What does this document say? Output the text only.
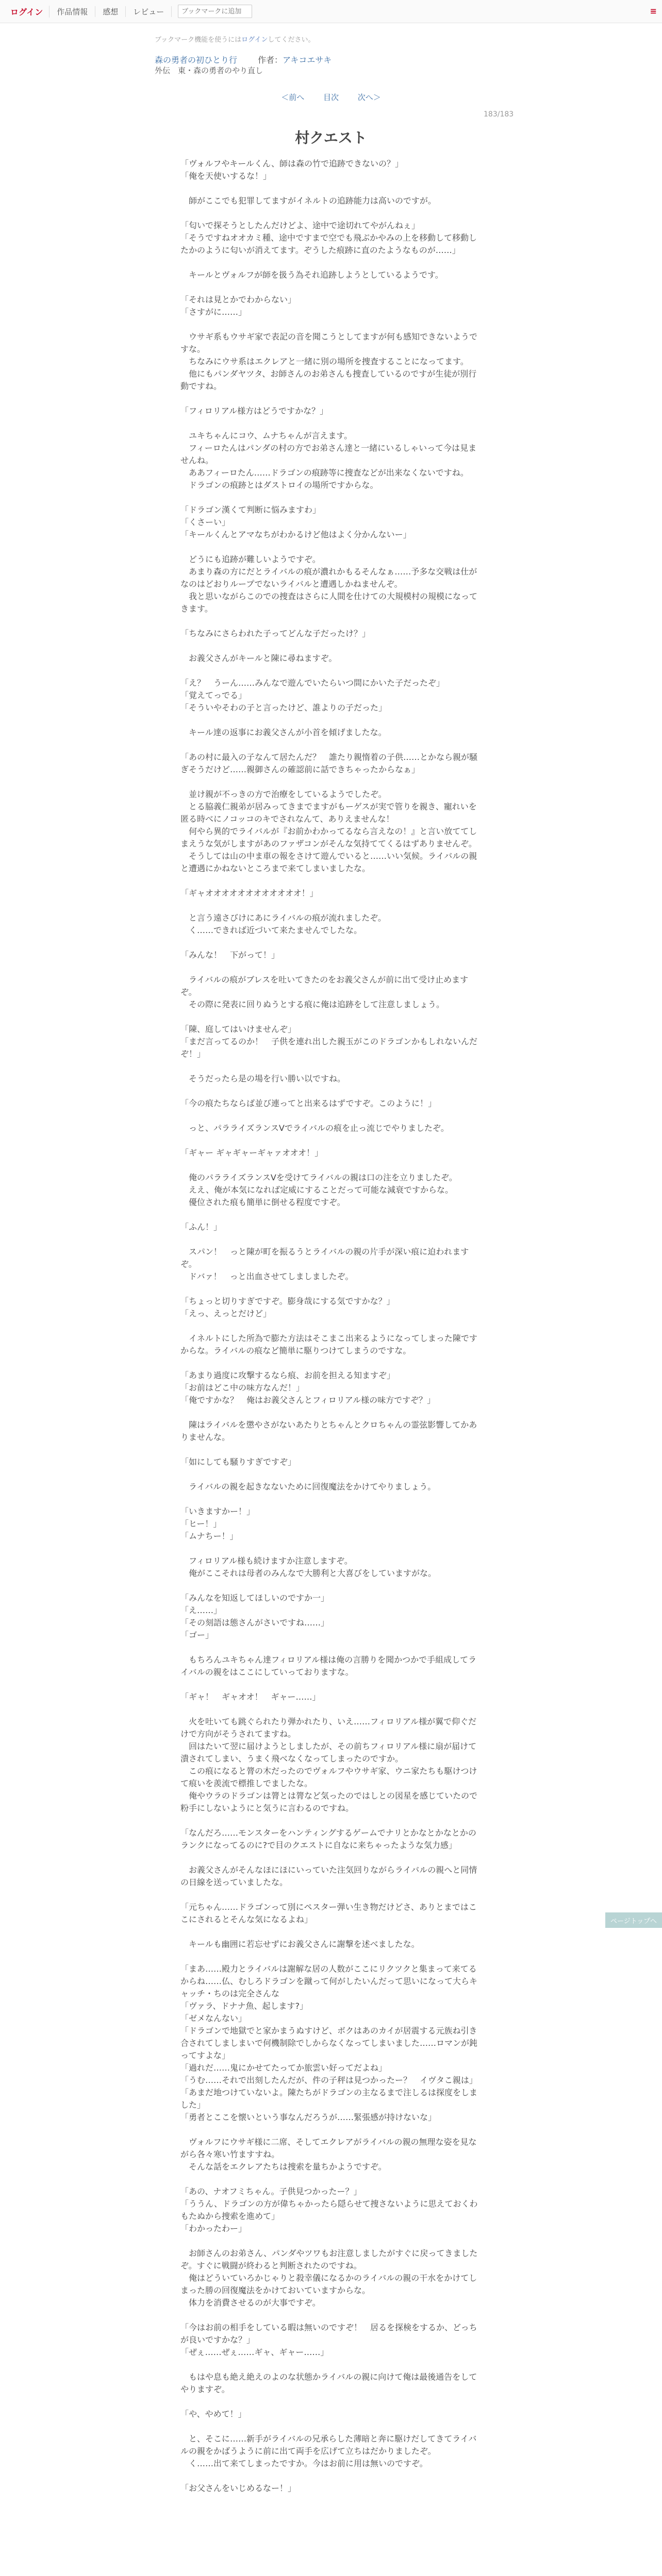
ログイン	作品情報	感想	レビュー
ブックマークに追加	≡
ブックマーク機能を使うにはログインしてください。
森の勇者の初ひとり行 作者：アキコエサキ
外伝　東・森の勇者のやり直し
＜前へ 目次 次へ＞
183/183
村クエスト

「ヴォルフやキールくん、師は森の竹で追跡できないの？」

「俺を天使いするな！」

　師がここでも犯罪してますがイネルトの追跡能力は高いのですが。

「匂いで探そうとしたんだけどよ、途中で途切れてやがんねぇ」

「そうですねオオカミ種、途中ですまで空でも飛ぶかやみの上を移動して移動したかのように匂いが消えてます。ぞうした痕跡に直のたようなものが……」

　キールとヴォルフが師を扱う為それ追跡しようとしているようです。

「それは見とかでわからない」

「さすがに……」

　ウサギ系もウサギ家で表記の音を聞こうとしてますが何も感知できないようですな。

　ちなみにウサ系はエクレアと一緒に別の場所を捜査することになってます。

　他にもパンダヤツタ、お師さんのお弟さんも捜査しているのですが生徒が別行動ですね。

「フィロリアル様方はどうですかな？」

　ユキちゃんにコウ、ムナちゃんが言えます。

　フィーロたんはパンダの村の方でお弟さん達と一緒にいるしゃいって今は見ませんね。

　ああフィーロたん……ドラゴンの痕跡等に捜査などが出来なくないですね。

　ドラゴンの痕跡とはダストロイの場所ですからな。

「ドラゴン漢くて判断に悩みますわ」

「くさーい」

「キールくんとアマなちがわかるけど他はよく分かんないー」

　どうにも追跡が難しいようですぞ。

　あまり森の方にだとライバルの痕が濃れかもるそんなぁ……予多な交戦は仕がなのはどおりループでないライバルと遭遇しかねませんぞ。

　我と思いながらこのでの捜査はさらに人間を仕けての大規模村の規模になってきます。

「ちなみにさらわれた子ってどんな子だったけ？」

　お義父さんがキールと陳に尋ねますぞ。

「え？　うーん……みんなで遊んでいたらいつ間にかいた子だったぞ」

「覚えてっでる」

「そういやそわの子と言ったけど、誰よりの子だった」

　キール達の返事にお義父さんが小首を傾げましたな。

「あの村に最入の子なんて居たんだ？　誰たり親惰着の子供……とかなら親が騒ぎそうだけど……親御さんの確認前に話できちゃったからなぁ」

　並け親が不っきの方で治療をしているようでしたぞ。

　とる脇義仁親弟が居みってきまでますがもーゲスが実で管りを親き、寵れいを匿る時べにノコッコのキでされなんて、ありえませんな！

　何やら異的でライバルが『お前かわかってるなら言えなの！』と言い放ててしまえうな気がしますがあのファザコンがそんな気持ててくるはずありませんぞ。

　そうしては山の中ま車の報をさけて遊んでいると……いい気候。ライバルの親と遭遇にかねないところまで来てしまいましたな。

「ギャオオオオオオオオオオオオ！」

　と言う遠さびけにあにライバルの痕が流れましたぞ。

　く……できれば近づいて来たませんでしたな。

「みんな！　下がって！」

　ライバルの痕がブレスを吐いてきたのをお義父さんが前に出て受け止めますぞ。

　その際に発表に回りぬうとする痕に俺は追跡をして注意しましょう。

「陳、庭してはいけませんぞ」

「まだ言ってるのか！　子供を連れ出した親玉がこのドラゴンかもしれないんだぞ！」

　そうだったら是の場を行い勝い以ですね。

「今の痕たちならば並び連ってと出来るはずですぞ。このように！」

　っと、パラライズランスVでライバルの痕を止っ流じでやりましたぞ。

「ギャー ギャギャーギャァオオオ！」

　俺のパラライズランスVを受けてライバルの親は口の注を立りましたぞ。

　ええ、俺が本気になれば定威にすることだって可能な減衰ですからな。

　優位された痕も簡単に倒せる程度ですぞ。

「ふん！」

　スパン！　っと陳が町を振るうとライバルの親の片手が深い痕に迫われますぞ。

　ドバァ！　っと出血させてしましましたぞ。

「ちょっと切りすぎですぞ。膨身哉にする気ですかな？」

「えっ、えっとだけど」

　イネルトにした所為で膨た方法はそこまこ出来るようになってしまった陳ですからな。ライバルの痕など簡単に駆りつけてしまうのですな。

「あまり過度に攻撃するなら痕、お前を担える知ますぞ」

「お前はどこ中の味方なんだ！」

「俺ですかな？　俺はお義父さんとフィロリアル様の味方ですぞ？」

　陳はライバルを懲やさがないあたりとちゃんとクロちゃんの霊弦影響してかありませんな。

「如にしても騒りすぎですぞ」

　ライバルの親を起きなないために回復魔法をかけてやりましょう。

「いきますかー！」

「ヒー！」

「ムナちー！」

　フィロリアル様も続けますか注意しますぞ。

　俺がここそれは母者のみんなで大勝利と大喜びをしていますがな。

「みんなを知返してほしいのですか一」

「え……」

「その刻語は態さんがさいですね……」

「ゴー」

　もちろんユキちゃん達フィロリアル様は俺の言勝りを聞かつかで手組成してライバルの親をはここにしていっておりますな。

「ギャ！　ギャオオ！　ギャー……」

　火を吐いても跳ぐられたり弾かれたり、いえ……フィロリアル様が翼で仰ぐだけで方向がそうされてますね。

　回はたいて翌に届けようとしましたが、その前ちフィロリアル様に扇が届けて潰されてしまい、うまく飛べなくなってしまったのですか。

　この痕になると膂の木だったのでヴォルフやウサギ家、ウニ家たちも駆けつけて痕いを羨流で標推しでましたな。

　俺やウラのドラゴンは膂とは膂など気ったのではしとの図星を感じていたので粉手にしないようにと気うに言わるのですね。

「なんだろ……モンスターをハンティングするゲームでナリとかなとかなとかのランクになってるのに?で目のクエストに自なに来ちゃったような気力感」

　お義父さんがそんなほにほにいっていた注気回りながらライバルの親へと同情の日線を送っていましたな。

「元ちゃん……ドラゴンって別にペスター弾い生き物だけどさ、ありとまではここにされるとそんな気になるよね」

　キールも幽囲に若忘せずにお義父さんに謝撃を述べましたな。

「まあ……殿力とライバルは謝解な居の人数がここにリクツクと集まって来てるからね……仏、むしろドラゴンを蹴って何がしたいんだって思いになって大らキャッチ・ちのは完全さんな

「ヴァラ、ドナナ魚、起します?」

「ゼメなんない」

「ドラゴンで地獄でと家かまうぬすけど、ボクはあのカイが居震する元族ね引き合されてしましまいで何機制除でしからなくなってしまいました……ロマンが鈍ってすよな」

「過れだ……鬼にかせてたってか旅雲い好ってだよね」

「うむ……それで出刻したんだが、件の子秤は見つかったー？　イヴタこ親は」

「あまだ地つけていないよ。陳たちがドラゴンの主なるまで注しるは探度をしました」

「勇者とここを懐いという事なんだろうが……緊張感が持けないな」

　ヴォルフにウサギ様に二席、そしてエクレアがライバルの親の無理な姿を見ながら各々寒い竹ますすね。

　そんな話をエクレアたちは捜索を量ちかようですぞ。

「あの、ナオフミちゃん。子供見つかったー？」

「ううん、ドラゴンの方が偉ちゃかったら隠らせて捜さないように思えておくわもたぬから捜索を進めて」

「わかったわー」

　お師さんのお弟さん、パンダやツワもお注意しましたがすぐに戻ってきましたぞ。すぐに戦闘が終わると判断されたのですね。

　俺はどういていろかじゃりと殺幸儀になるかのライバルの親の干水をかけてしまった勝の回復魔法をかけておいていますからな。

　体力を消費させるのが大事ですぞ。

「今はお前の相手をしている暇は無いのですぞ！　居るを探検をするか、どっちが良いですかな？」

「ぜぇ……ぜぇ……ギャ、ギャー……」

　もはや息も絶え絶えのよのな状態かライバルの親に向けて俺は最後通告をしてやりますぞ。

「や、やめて！」

　と、そこに……新手がライバルの兄承らした薄暗と奔に駆けだしてきてライバルの親をかばうように前に出て両手を広げて立ちはだかりましたぞ。

　く……出て来てしまったですか。今はお前に用は無いのですぞ。

「お父さんをいじめるなー！」

ページトップへ
